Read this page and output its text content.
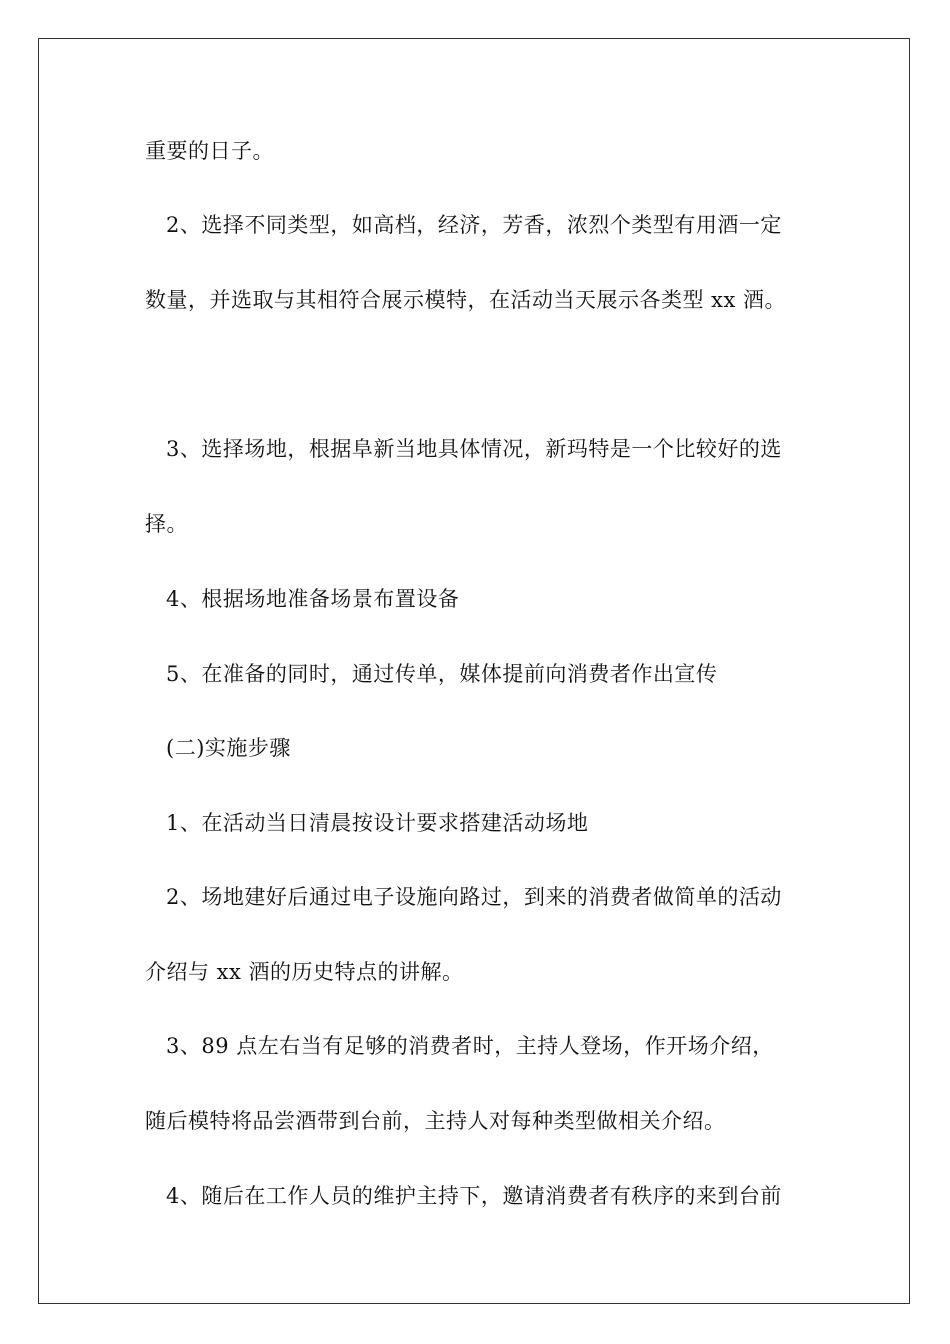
重要的日子。
2、选择不同类型，如高档，经济，芳香，浓烈个类型有用酒一定
数量，并选取与其相符合展示模特，在活动当天展示各类型 xx 酒。
3、选择场地，根据阜新当地具体情况，新玛特是一个比较好的选
择。
4、根据场地准备场景布置设备
5、在准备的同时，通过传单，媒体提前向消费者作出宣传
(二)实施步骤
1、在活动当日清晨按设计要求搭建活动场地
2、场地建好后通过电子设施向路过，到来的消费者做简单的活动
介绍与 xx 酒的历史特点的讲解。
3、89 点左右当有足够的消费者时，主持人登场，作开场介绍，
随后模特将品尝酒带到台前，主持人对每种类型做相关介绍。
4、随后在工作人员的维护主持下，邀请消费者有秩序的来到台前
